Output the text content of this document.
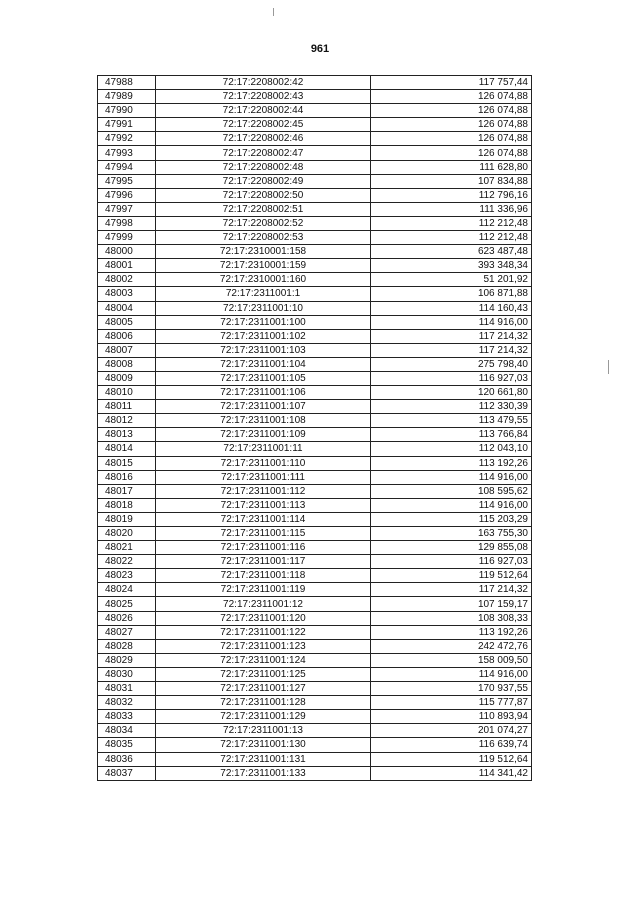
961
47988	72:17:2208002:42	117 757,44
47989	72:17:2208002:43	126 074,88
47990	72:17:2208002:44	126 074,88
47991	72:17:2208002:45	126 074,88
47992	72:17:2208002:46	126 074,88
47993	72:17:2208002:47	126 074,88
47994	72:17:2208002:48	111 628,80
47995	72:17:2208002:49	107 834,88
47996	72:17:2208002:50	112 796,16
47997	72:17:2208002:51	111 336,96
47998	72:17:2208002:52	112 212,48
47999	72:17:2208002:53	112 212,48
48000	72:17:2310001:158	623 487,48
48001	72:17:2310001:159	393 348,34
48002	72:17:2310001:160	51 201,92
48003	72:17:2311001:1	106 871,88
48004	72:17:2311001:10	114 160,43
48005	72:17:2311001:100	114 916,00
48006	72:17:2311001:102	117 214,32
48007	72:17:2311001:103	117 214,32
48008	72:17:2311001:104	275 798,40
48009	72:17:2311001:105	116 927,03
48010	72:17:2311001:106	120 661,80
48011	72:17:2311001:107	112 330,39
48012	72:17:2311001:108	113 479,55
48013	72:17:2311001:109	113 766,84
48014	72:17:2311001:11	112 043,10
48015	72:17:2311001:110	113 192,26
48016	72:17:2311001:111	114 916,00
48017	72:17:2311001:112	108 595,62
48018	72:17:2311001:113	114 916,00
48019	72:17:2311001:114	115 203,29
48020	72:17:2311001:115	163 755,30
48021	72:17:2311001:116	129 855,08
48022	72:17:2311001:117	116 927,03
48023	72:17:2311001:118	119 512,64
48024	72:17:2311001:119	117 214,32
48025	72:17:2311001:12	107 159,17
48026	72:17:2311001:120	108 308,33
48027	72:17:2311001:122	113 192,26
48028	72:17:2311001:123	242 472,76
48029	72:17:2311001:124	158 009,50
48030	72:17:2311001:125	114 916,00
48031	72:17:2311001:127	170 937,55
48032	72:17:2311001:128	115 777,87
48033	72:17:2311001:129	110 893,94
48034	72:17:2311001:13	201 074,27
48035	72:17:2311001:130	116 639,74
48036	72:17:2311001:131	119 512,64
48037	72:17:2311001:133	114 341,42
